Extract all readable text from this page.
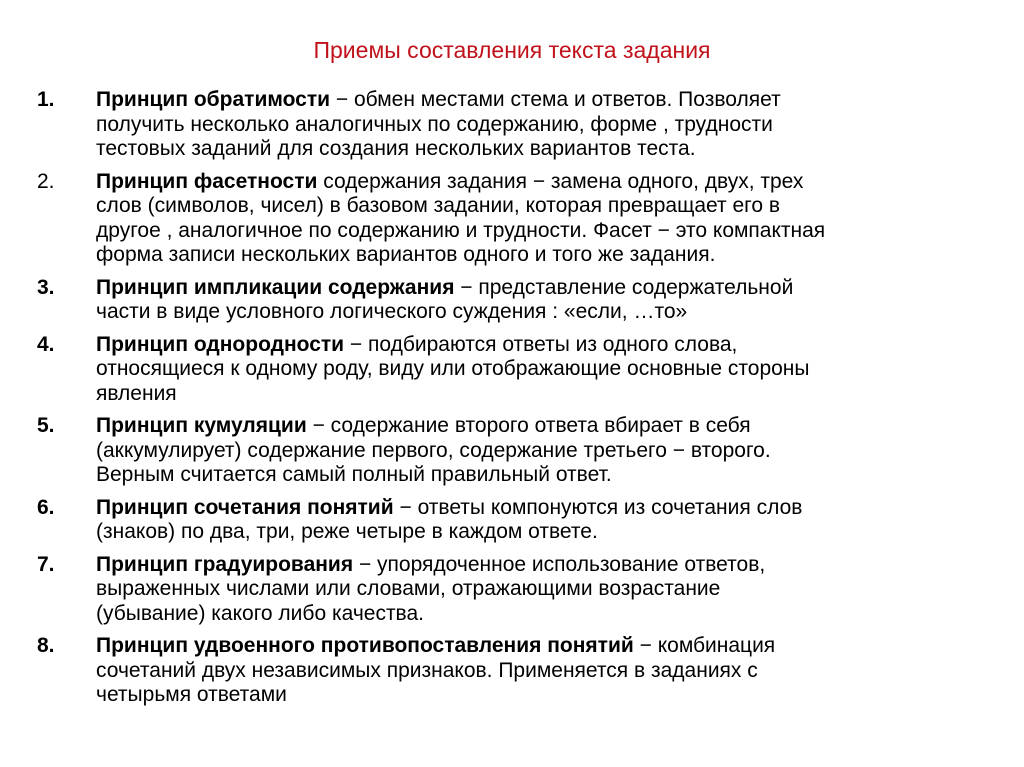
Приемы составления текста задания
1. Принцип обратимости − обмен местами стема и ответов. Позволяет
получить несколько аналогичных по содержанию, форме , трудности
тестовых заданий для создания нескольких вариантов теста.
2. Принцип фасетности содержания задания − замена одного, двух, трех
слов (символов, чисел) в базовом задании, которая превращает его в
другое , аналогичное по содержанию и трудности. Фасет − это компактная
форма записи нескольких вариантов одного и того же задания.
3. Принцип импликации содержания − представление содержательной
части в виде условного логического суждения : «если, …то»
4. Принцип однородности − подбираются ответы из одного слова,
относящиеся к одному роду, виду или отображающие основные стороны
явления
5. Принцип кумуляции − содержание второго ответа вбирает в себя
(аккумулирует) содержание первого, содержание третьего − второго.
Верным считается самый полный правильный ответ.
6. Принцип сочетания понятий − ответы компонуются из сочетания слов
(знаков) по два, три, реже четыре в каждом ответе.
7. Принцип градуирования − упорядоченное использование ответов,
выраженных числами или словами, отражающими возрастание
(убывание) какого либо качества.
8. Принцип удвоенного противопоставления понятий − комбинация
сочетаний двух независимых признаков. Применяется в заданиях с
четырьмя ответами
